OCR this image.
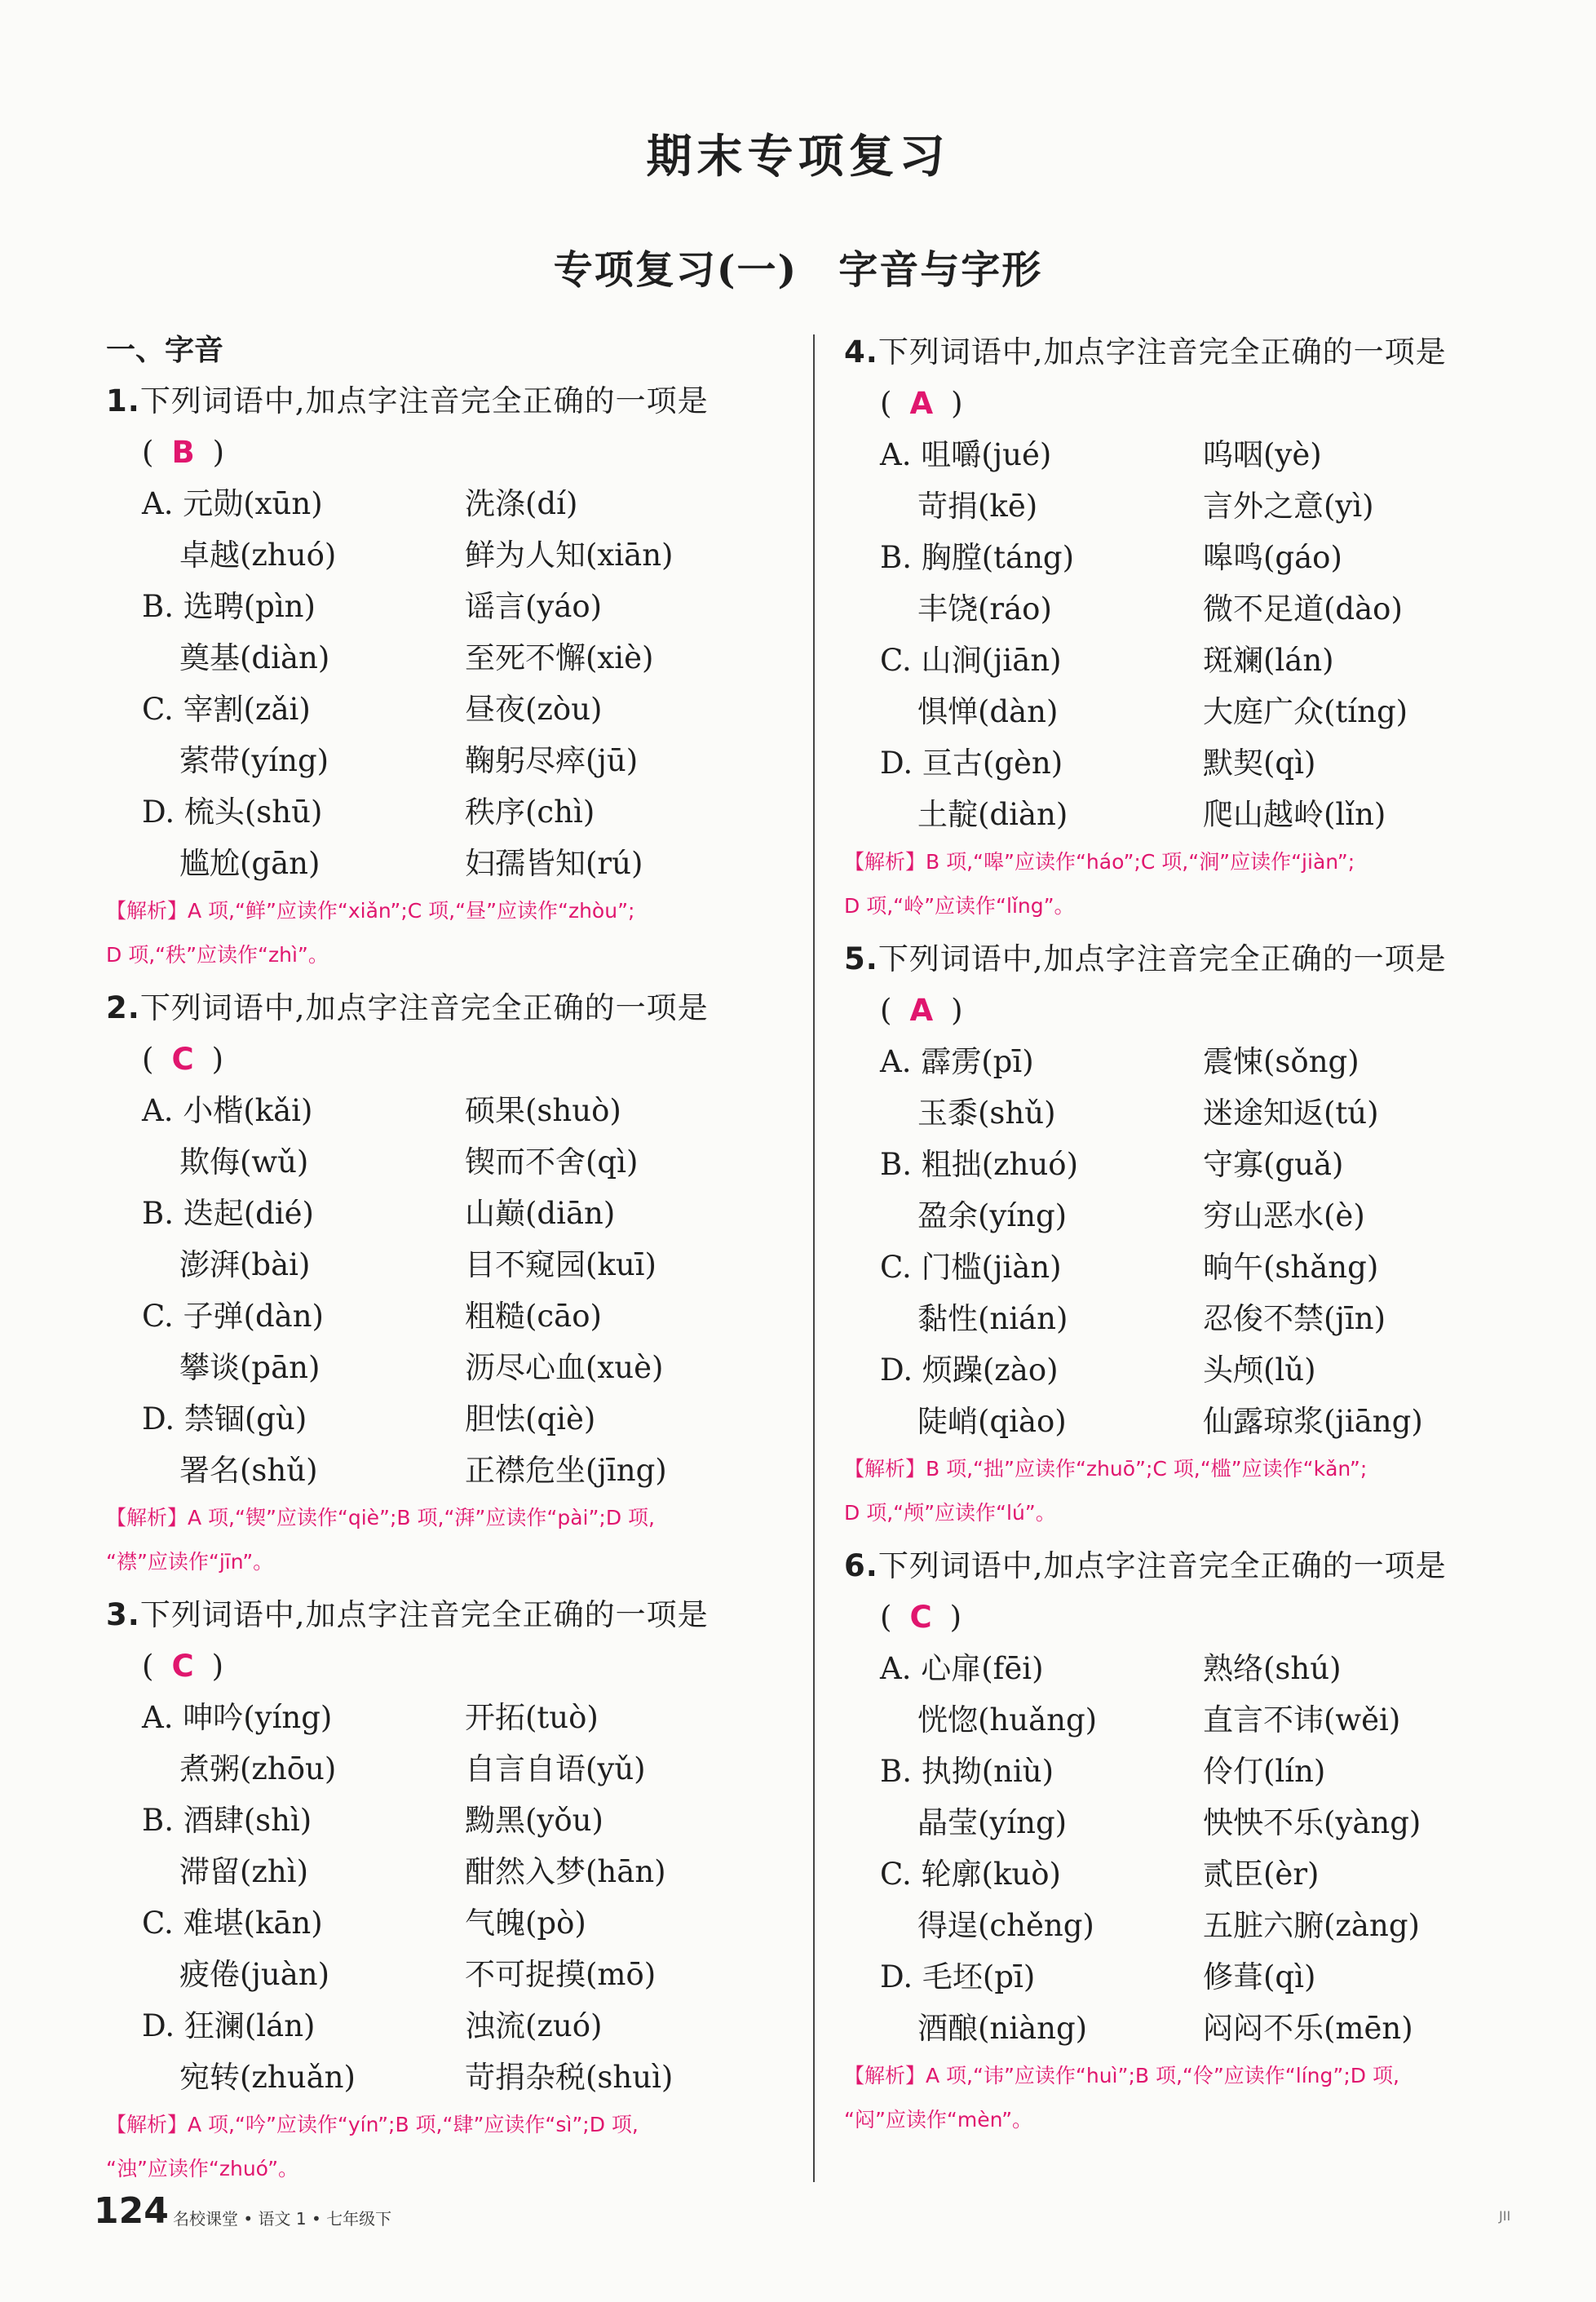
期末专项复习
专项复习(一)　字音与字形
一、字音
1.下列词语中,加点字注音完全正确的一项是
( B )
A. 元勋(xūn)	洗涤(dí)
卓越(zhuó)	鲜为人知(xiān)
B. 选聘(pìn)	谣言(yáo)
奠基(diàn)	至死不懈(xiè)
C. 宰割(zǎi)	昼夜(zòu)
萦带(yíng)	鞠躬尽瘁(jū)
D. 梳头(shū)	秩序(chì)
尴尬(gān)	妇孺皆知(rú)
【解析】A 项,“鲜”应读作“xiǎn”;C 项,“昼”应读作“zhòu”;
D 项,“秩”应读作“zhì”。
2.下列词语中,加点字注音完全正确的一项是
( C )
A. 小楷(kǎi)	硕果(shuò)
欺侮(wǔ)	锲而不舍(qì)
B. 迭起(dié)	山巅(diān)
澎湃(bài)	目不窥园(kuī)
C. 子弹(dàn)	粗糙(cāo)
攀谈(pān)	沥尽心血(xuè)
D. 禁锢(gù)	胆怯(qiè)
署名(shǔ)	正襟危坐(jīng)
【解析】A 项,“锲”应读作“qiè”;B 项,“湃”应读作“pài”;D 项,
“襟”应读作“jīn”。
3.下列词语中,加点字注音完全正确的一项是
( C )
A. 呻吟(yíng)	开拓(tuò)
煮粥(zhōu)	自言自语(yǔ)
B. 酒肆(shì)	黝黑(yǒu)
滞留(zhì)	酣然入梦(hān)
C. 难堪(kān)	气魄(pò)
疲倦(juàn)	不可捉摸(mō)
D. 狂澜(lán)	浊流(zuó)
宛转(zhuǎn)	苛捐杂税(shuì)
【解析】A 项,“吟”应读作“yín”;B 项,“肆”应读作“sì”;D 项,
“浊”应读作“zhuó”。
4.下列词语中,加点字注音完全正确的一项是
( A )
A. 咀嚼(jué)	呜咽(yè)
苛捐(kē)	言外之意(yì)
B. 胸膛(táng)	嗥鸣(gáo)
丰饶(ráo)	微不足道(dào)
C. 山涧(jiān)	斑斓(lán)
惧惮(dàn)	大庭广众(tíng)
D. 亘古(gèn)	默契(qì)
土靛(diàn)	爬山越岭(lǐn)
【解析】B 项,“嗥”应读作“háo”;C 项,“涧”应读作“jiàn”;
D 项,“岭”应读作“lǐng”。
5.下列词语中,加点字注音完全正确的一项是
( A )
A. 霹雳(pī)	震悚(sǒng)
玉黍(shǔ)	迷途知返(tú)
B. 粗拙(zhuó)	守寡(guǎ)
盈余(yíng)	穷山恶水(è)
C. 门槛(jiàn)	晌午(shǎng)
黏性(nián)	忍俊不禁(jīn)
D. 烦躁(zào)	头颅(lǔ)
陡峭(qiào)	仙露琼浆(jiāng)
【解析】B 项,“拙”应读作“zhuō”;C 项,“槛”应读作“kǎn”;
D 项,“颅”应读作“lú”。
6.下列词语中,加点字注音完全正确的一项是
( C )
A. 心扉(fēi)	熟络(shú)
恍惚(huǎng)	直言不讳(wěi)
B. 执拗(niù)	伶仃(lín)
晶莹(yíng)	怏怏不乐(yàng)
C. 轮廓(kuò)	贰臣(èr)
得逞(chěng)	五脏六腑(zàng)
D. 毛坯(pī)	修葺(qì)
酒酿(niàng)	闷闷不乐(mēn)
【解析】A 项,“讳”应读作“huì”;B 项,“伶”应读作“líng”;D 项,
“闷”应读作“mèn”。
124 名校课堂 • 语文 1 • 七年级下	JII
